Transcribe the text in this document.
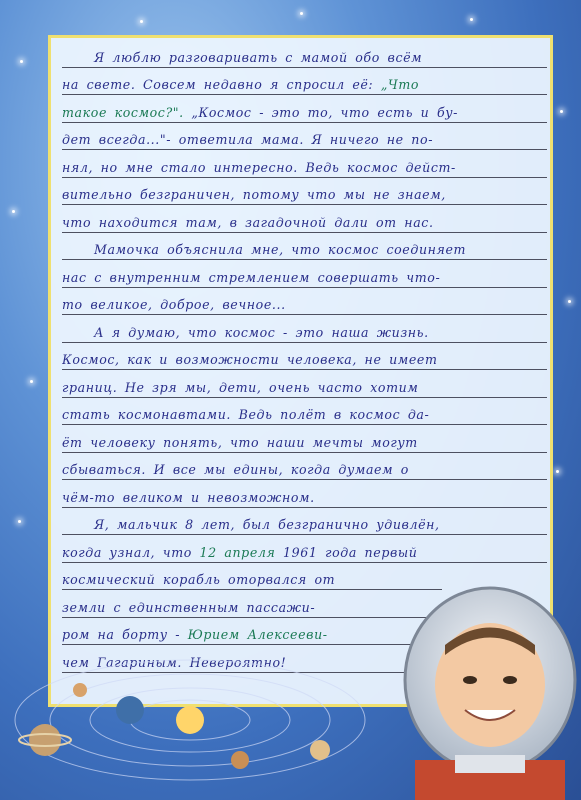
Я люблю разговаривать с мамой обо всём
на свете. Совсем недавно я спросил её:
„Что
такое космос?".
„Космос - это то, что есть и бу-
дет всегда..."- ответила мама. Я ничего не по-
нял, но мне стало интересно. Ведь космос дейст-
вительно безграничен, потому что мы не знаем,
что находится там, в загадочной дали от нас.
Мамочка объяснила мне, что космос соединяет
нас с внутренним стремлением совершать что-
то великое, доброе, вечное...
А я думаю, что космос - это наша жизнь.
Космос, как и возможности человека, не имеет
границ. Не зря мы, дети, очень часто хотим
стать космонавтами. Ведь полёт в космос да-
ёт человеку понять, что наши мечты могут
сбываться. И все мы едины, когда думаем о
чём-то великом и невозможном.
Я, мальчик 8 лет, был безгранично удивлён,
когда узнал, что 12 апреля 1961 года первый
космический корабль оторвался от
земли с единственным пассажи-
ром на борту - Юрием Алексееви-
чем Гагариным. Невероятно!
